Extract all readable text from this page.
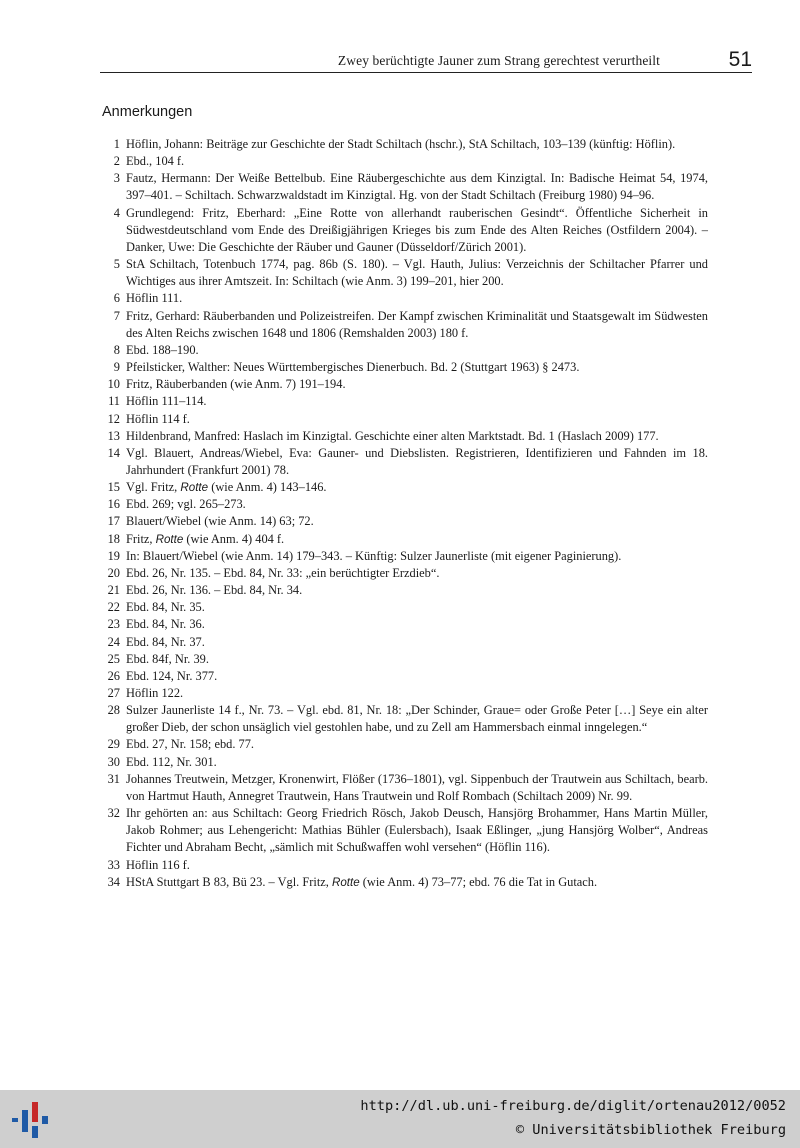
Zwey berüchtigte Jauner zum Strang gerechtest verurtheilt	51
Anmerkungen
1 Höflin, Johann: Beiträge zur Geschichte der Stadt Schiltach (hschr.), StA Schiltach, 103–139 (künftig: Höflin).
2 Ebd., 104 f.
3 Fautz, Hermann: Der Weiße Bettelbub. Eine Räubergeschichte aus dem Kinzigtal. In: Badische Heimat 54, 1974, 397–401. – Schiltach. Schwarzwaldstadt im Kinzigtal. Hg. von der Stadt Schiltach (Freiburg 1980) 94–96.
4 Grundlegend: Fritz, Eberhard: „Eine Rotte von allerhandt rauberischen Gesindt“. Öffentliche Sicherheit in Südwestdeutschland vom Ende des Dreißigjährigen Krieges bis zum Ende des Alten Reiches (Ostfildern 2004). – Danker, Uwe: Die Geschichte der Räuber und Gauner (Düsseldorf/Zürich 2001).
5 StA Schiltach, Totenbuch 1774, pag. 86b (S. 180). – Vgl. Hauth, Julius: Verzeichnis der Schiltacher Pfarrer und Wichtiges aus ihrer Amtszeit. In: Schiltach (wie Anm. 3) 199–201, hier 200.
6 Höflin 111.
7 Fritz, Gerhard: Räuberbanden und Polizeistreifen. Der Kampf zwischen Kriminalität und Staatsgewalt im Südwesten des Alten Reichs zwischen 1648 und 1806 (Remshalden 2003) 180 f.
8 Ebd. 188–190.
9 Pfeilsticker, Walther: Neues Württembergisches Dienerbuch. Bd. 2 (Stuttgart 1963) § 2473.
10 Fritz, Räuberbanden (wie Anm. 7) 191–194.
11 Höflin 111–114.
12 Höflin 114 f.
13 Hildenbrand, Manfred: Haslach im Kinzigtal. Geschichte einer alten Marktstadt. Bd. 1 (Haslach 2009) 177.
14 Vgl. Blauert, Andreas/Wiebel, Eva: Gauner- und Diebslisten. Registrieren, Identifizieren und Fahnden im 18. Jahrhundert (Frankfurt 2001) 78.
15 Vgl. Fritz, Rotte (wie Anm. 4) 143–146.
16 Ebd. 269; vgl. 265–273.
17 Blauert/Wiebel (wie Anm. 14) 63; 72.
18 Fritz, Rotte (wie Anm. 4) 404 f.
19 In: Blauert/Wiebel (wie Anm. 14) 179–343. – Künftig: Sulzer Jaunerliste (mit eigener Paginierung).
20 Ebd. 26, Nr. 135. – Ebd. 84, Nr. 33: „ein berüchtigter Erzdieb“.
21 Ebd. 26, Nr. 136. – Ebd. 84, Nr. 34.
22 Ebd. 84, Nr. 35.
23 Ebd. 84, Nr. 36.
24 Ebd. 84, Nr. 37.
25 Ebd. 84f, Nr. 39.
26 Ebd. 124, Nr. 377.
27 Höflin 122.
28 Sulzer Jaunerliste 14 f., Nr. 73. – Vgl. ebd. 81, Nr. 18: „Der Schinder, Graue= oder Große Peter […] Seye ein alter großer Dieb, der schon unsäglich viel gestohlen habe, und zu Zell am Hammersbach einmal inngelegen.“
29 Ebd. 27, Nr. 158; ebd. 77.
30 Ebd. 112, Nr. 301.
31 Johannes Treutwein, Metzger, Kronenwirt, Flößer (1736–1801), vgl. Sippenbuch der Trautwein aus Schiltach, bearb. von Hartmut Hauth, Annegret Trautwein, Hans Trautwein und Rolf Rombach (Schiltach 2009) Nr. 99.
32 Ihr gehörten an: aus Schiltach: Georg Friedrich Rösch, Jakob Deusch, Hansjörg Brohammer, Hans Martin Müller, Jakob Rohmer; aus Lehengericht: Mathias Bühler (Eulersbach), Isaak Eßlinger, „jung Hansjörg Wolber“, Andreas Fichter und Abraham Becht, „sämlich mit Schußwaffen wohl versehen“ (Höflin 116).
33 Höflin 116 f.
34 HStA Stuttgart B 83, Bü 23. – Vgl. Fritz, Rotte (wie Anm. 4) 73–77; ebd. 76 die Tat in Gutach.
http://dl.ub.uni-freiburg.de/diglit/ortenau2012/0052
© Universitätsbibliothek Freiburg
